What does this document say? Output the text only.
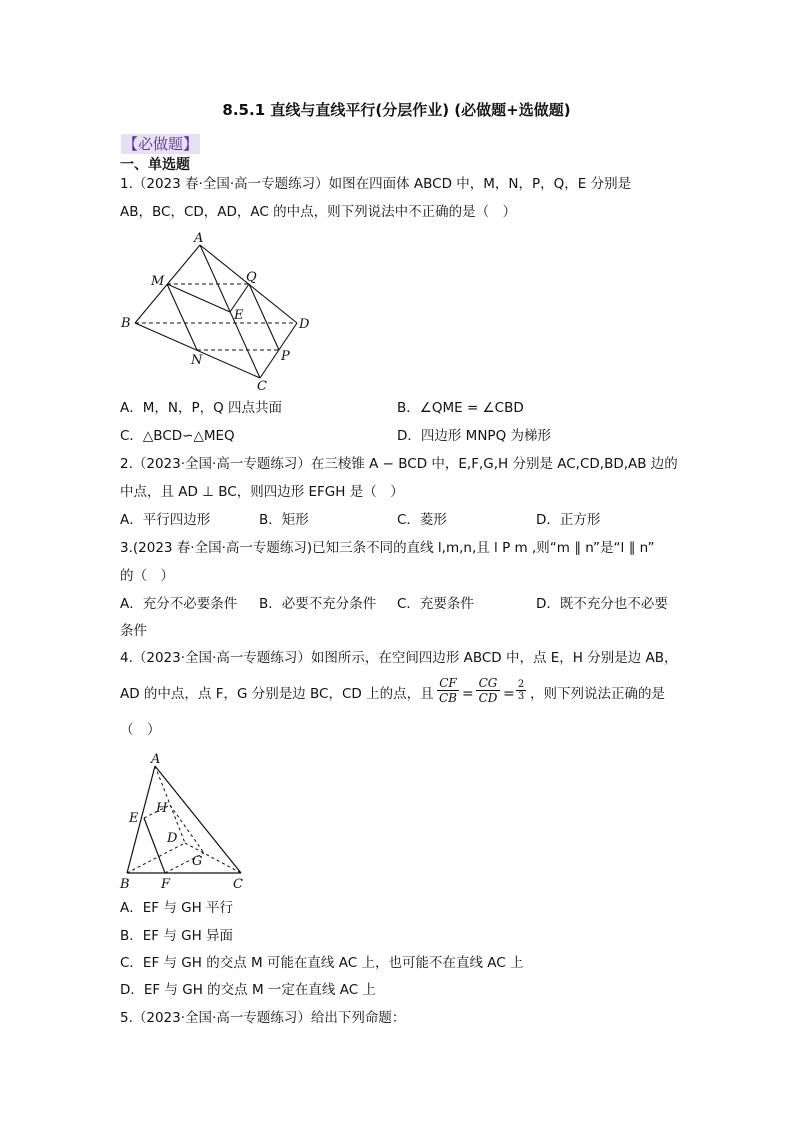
8.5.1 直线与直线平行(分层作业) (必做题+选做题)
【必做题】
一、单选题
1.（2023 春·全国·高一专题练习）如图在四面体 ABCD 中，M，N，P，Q，E 分别是
AB，BC，CD，AD，AC 的中点，则下列说法中不正确的是（　）
A
M	Q
B
E
D
N	P
C
A．M，N，P，Q 四点共面	B．∠QME = ∠CBD
C．△BCD∽△MEQ	D．四边形 MNPQ 为梯形
2.（2023·全国·高一专题练习）在三棱锥 A − BCD 中，E,F,G,H 分别是 AC,CD,BD,AB 边的
中点，且 AD ⊥ BC，则四边形 EFGH 是（　）
A．平行四边形	B．矩形	C．菱形	D．正方形
3.(2023 春·全国·高一专题练习)已知三条不同的直线 l,m,n,且 l P m ,则“m ∥ n”是“l ∥ n”
的（　）
A．充分不必要条件 B．必要不充分条件 C．充要条件	D．既不充分也不必要
条件
4.（2023·全国·高一专题练习）如图所示，在空间四边形 ABCD 中，点 E，H 分别是边 AB，
AD 的中点，点 F，G 分别是边 BC，CD 上的点，且 $\frac{CF}{CB} = \frac{CG}{CD} = \frac{2}{3}$ ，则下列说法正确的是
（　）
A
H
E
D
G
B F	C
A．EF 与 GH 平行
B．EF 与 GH 异面
C．EF 与 GH 的交点 M 可能在直线 AC 上，也可能不在直线 AC 上
D．EF 与 GH 的交点 M 一定在直线 AC 上
5.（2023·全国·高一专题练习）给出下列命题：
